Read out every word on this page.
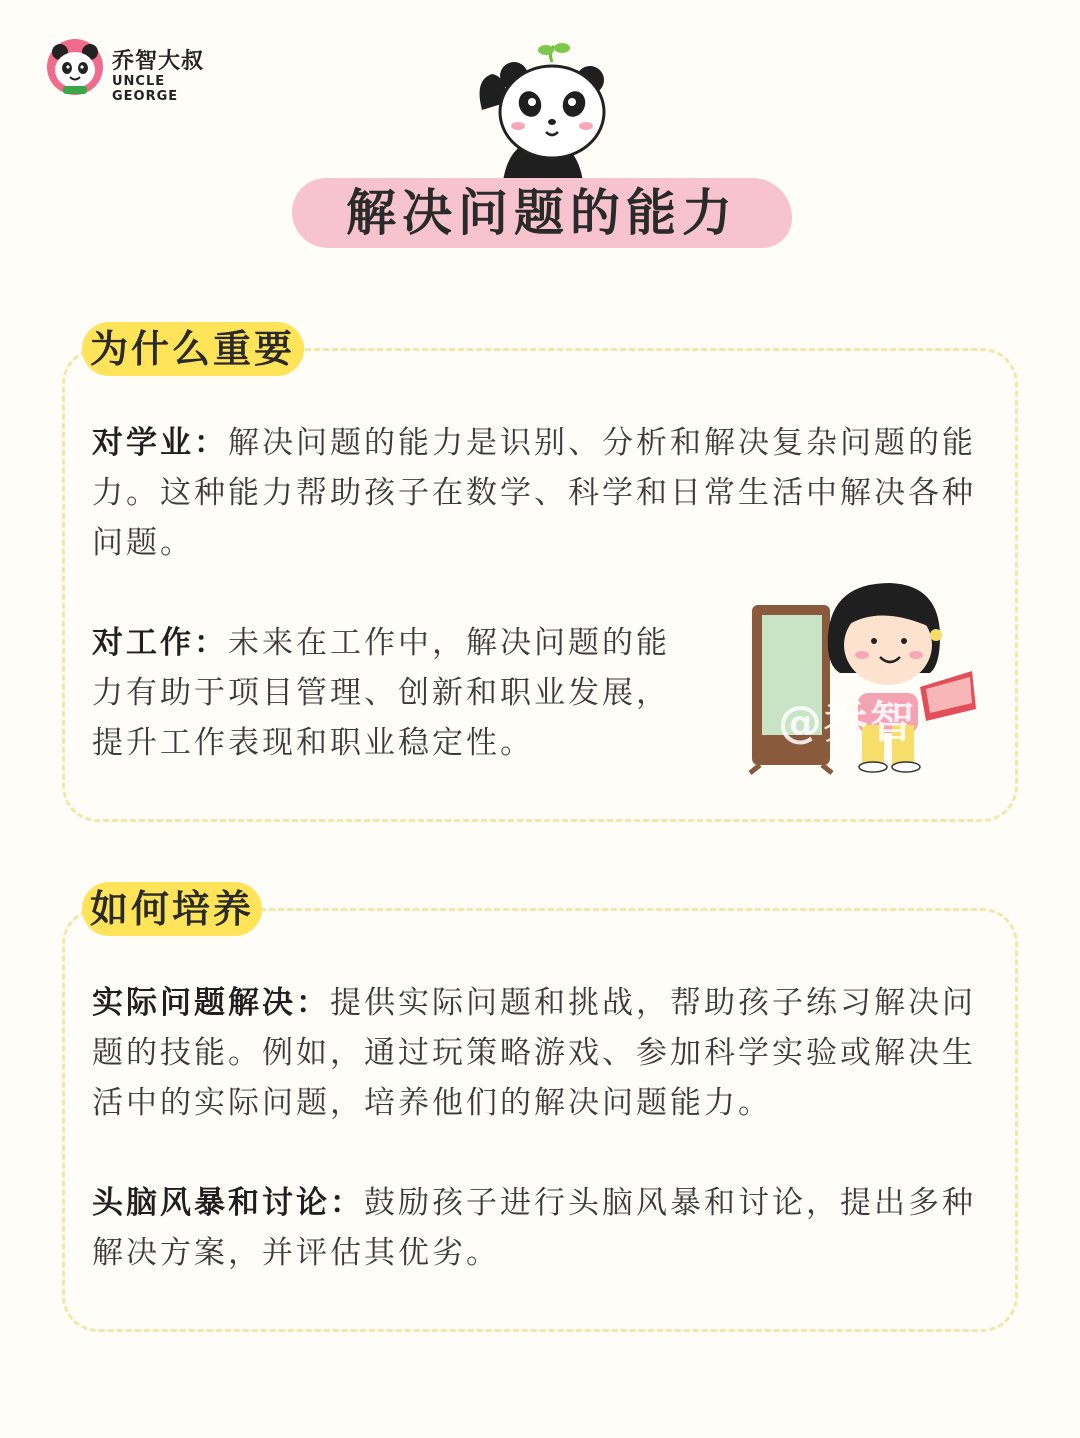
乔智大叔
UNCLE GEORGE
解决问题的能力
为什么重要
对学业：解决问题的能力是识别、分析和解决复杂问题的能力。这种能力帮助孩子在数学、科学和日常生活中解决各种问题。
对工作：未来在工作中，解决问题的能力有助于项目管理、创新和职业发展，提升工作表现和职业稳定性。	@乔智
如何培养
实际问题解决：提供实际问题和挑战，帮助孩子练习解决问题的技能。例如，通过玩策略游戏、参加科学实验或解决生活中的实际问题，培养他们的解决问题能力。
头脑风暴和讨论：鼓励孩子进行头脑风暴和讨论，提出多种解决方案，并评估其优劣。
